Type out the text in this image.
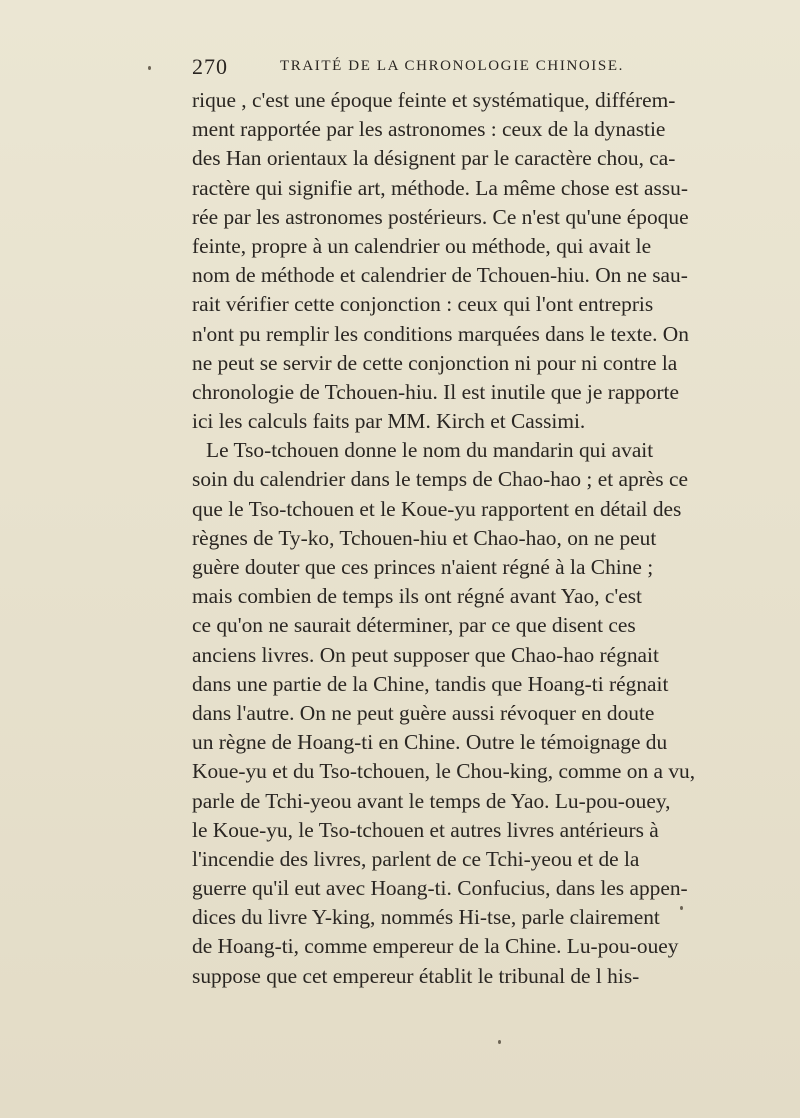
270	TRAITÉ DE LA CHRONOLOGIE CHINOISE.
rique , c'est une époque feinte et systématique, différem-
ment rapportée par les astronomes : ceux de la dynastie
des Han orientaux la désignent par le caractère chou, ca-
ractère qui signifie art, méthode. La même chose est assu-
rée par les astronomes postérieurs. Ce n'est qu'une époque
feinte, propre à un calendrier ou méthode, qui avait le
nom de méthode et calendrier de Tchouen-hiu. On ne sau-
rait vérifier cette conjonction : ceux qui l'ont entrepris
n'ont pu remplir les conditions marquées dans le texte. On
ne peut se servir de cette conjonction ni pour ni contre la
chronologie de Tchouen-hiu. Il est inutile que je rapporte
ici les calculs faits par MM. Kirch et Cassimi.
Le Tso-tchouen donne le nom du mandarin qui avait
soin du calendrier dans le temps de Chao-hao ; et après ce
que le Tso-tchouen et le Koue-yu rapportent en détail des
règnes de Ty-ko, Tchouen-hiu et Chao-hao, on ne peut
guère douter que ces princes n'aient régné à la Chine ;
mais combien de temps ils ont régné avant Yao, c'est
ce qu'on ne saurait déterminer, par ce que disent ces
anciens livres. On peut supposer que Chao-hao régnait
dans une partie de la Chine, tandis que Hoang-ti régnait
dans l'autre. On ne peut guère aussi révoquer en doute
un règne de Hoang-ti en Chine. Outre le témoignage du
Koue-yu et du Tso-tchouen, le Chou-king, comme on a vu,
parle de Tchi-yeou avant le temps de Yao. Lu-pou-ouey,
le Koue-yu, le Tso-tchouen et autres livres antérieurs à
l'incendie des livres, parlent de ce Tchi-yeou et de la
guerre qu'il eut avec Hoang-ti. Confucius, dans les appen-
dices du livre Y-king, nommés Hi-tse, parle clairement
de Hoang-ti, comme empereur de la Chine. Lu-pou-ouey
suppose que cet empereur établit le tribunal de l his-
